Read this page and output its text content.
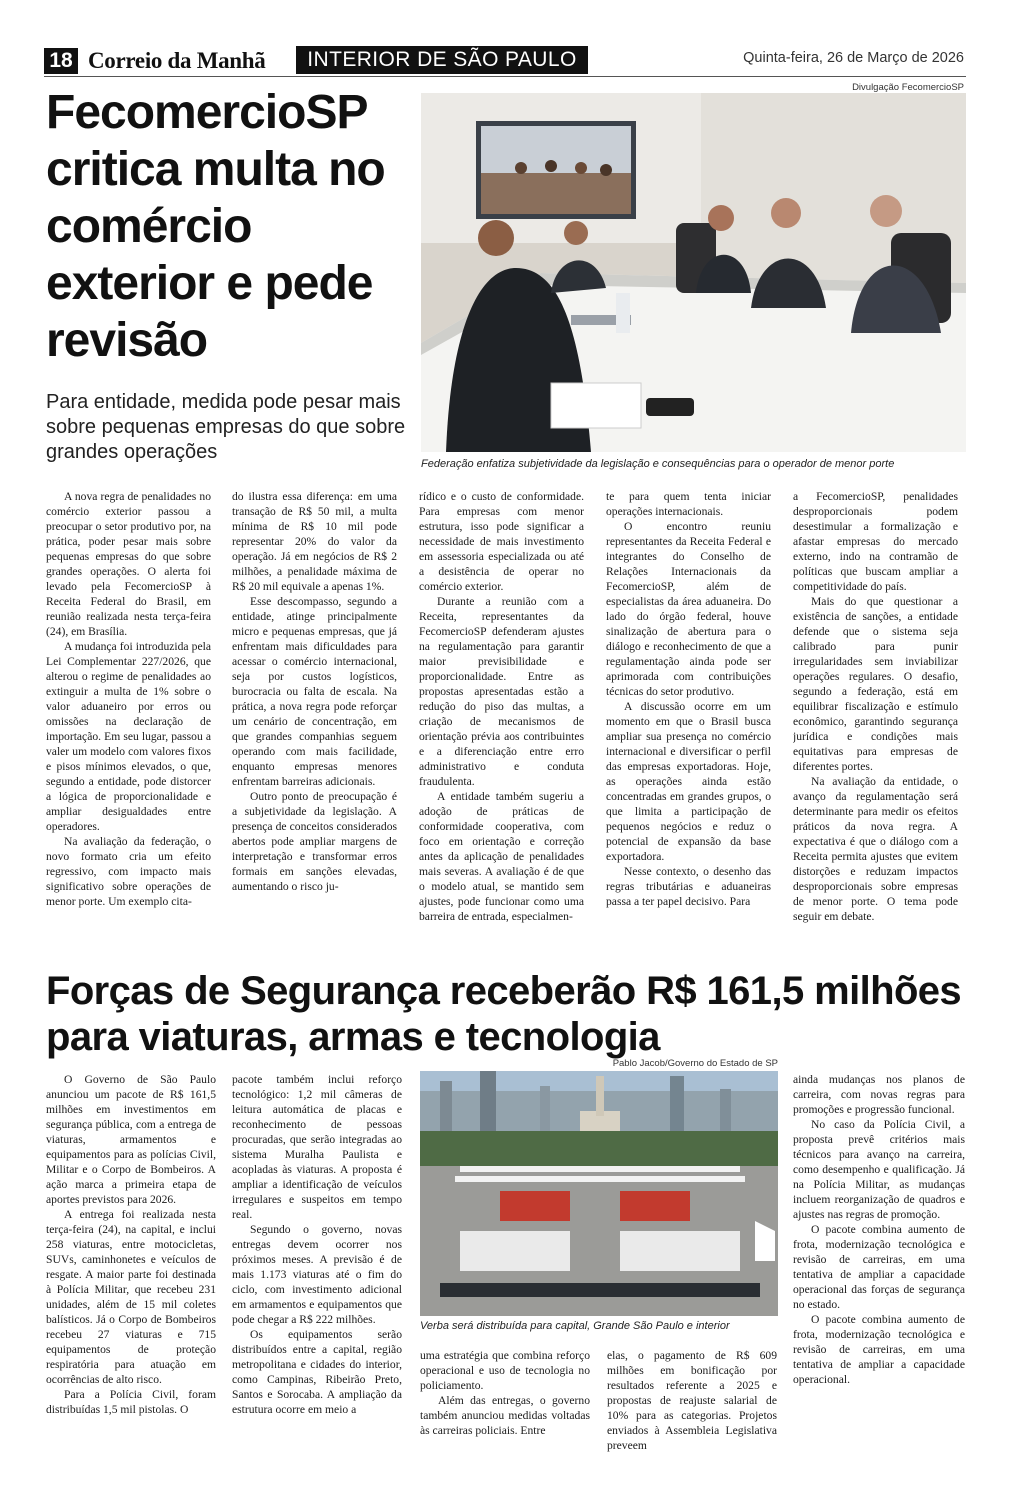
18 Correio da Manhã	INTERIOR DE SÃO PAULO	Quinta-feira, 26 de Março de 2026
FecomercioSP critica multa no comércio exterior e pede revisão
Para entidade, medida pode pesar mais sobre pequenas empresas do que sobre grandes operações
Divulgação FecomercioSP
Federação enfatiza subjetividade da legislação e consequências para o operador de menor porte

A nova regra de penalidades no comércio exterior passou a preocupar o setor produtivo por, na prática, poder pesar mais sobre pequenas empresas do que sobre grandes operações. O alerta foi levado pela FecomercioSP à Receita Federal do Brasil, em reunião realizada nesta terça-feira (24), em Brasília.

A mudança foi introduzida pela Lei Complementar 227/2026, que alterou o regime de penalidades ao extinguir a multa de 1% sobre o valor aduaneiro por erros ou omissões na declaração de importação. Em seu lugar, passou a valer um modelo com valores fixos e pisos mínimos elevados, o que, segundo a entidade, pode distorcer a lógica de proporcionalidade e ampliar desigualdades entre operadores.

Na avaliação da federação, o novo formato cria um efeito regressivo, com impacto mais significativo sobre operações de menor porte. Um exemplo cita-

do ilustra essa diferença: em uma transação de R$ 50 mil, a multa mínima de R$ 10 mil pode representar 20% do valor da operação. Já em negócios de R$ 2 milhões, a penalidade máxima de R$ 20 mil equivale a apenas 1%.

Esse descompasso, segundo a entidade, atinge principalmente micro e pequenas empresas, que já enfrentam mais dificuldades para acessar o comércio internacional, seja por custos logísticos, burocracia ou falta de escala. Na prática, a nova regra pode reforçar um cenário de concentração, em que grandes companhias seguem operando com mais facilidade, enquanto empresas menores enfrentam barreiras adicionais.

Outro ponto de preocupação é a subjetividade da legislação. A presença de conceitos considerados abertos pode ampliar margens de interpretação e transformar erros formais em sanções elevadas, aumentando o risco ju-

rídico e o custo de conformidade. Para empresas com menor estrutura, isso pode significar a necessidade de mais investimento em assessoria especializada ou até a desistência de operar no comércio exterior.

Durante a reunião com a Receita, representantes da FecomercioSP defenderam ajustes na regulamentação para garantir maior previsibilidade e proporcionalidade. Entre as propostas apresentadas estão a redução do piso das multas, a criação de mecanismos de orientação prévia aos contribuintes e a diferenciação entre erro administrativo e conduta fraudulenta.

A entidade também sugeriu a adoção de práticas de conformidade cooperativa, com foco em orientação e correção antes da aplicação de penalidades mais severas. A avaliação é de que o modelo atual, se mantido sem ajustes, pode funcionar como uma barreira de entrada, especialmen-

te para quem tenta iniciar operações internacionais.

O encontro reuniu representantes da Receita Federal e integrantes do Conselho de Relações Internacionais da FecomercioSP, além de especialistas da área aduaneira. Do lado do órgão federal, houve sinalização de abertura para o diálogo e reconhecimento de que a regulamentação ainda pode ser aprimorada com contribuições técnicas do setor produtivo.

A discussão ocorre em um momento em que o Brasil busca ampliar sua presença no comércio internacional e diversificar o perfil das empresas exportadoras. Hoje, as operações ainda estão concentradas em grandes grupos, o que limita a participação de pequenos negócios e reduz o potencial de expansão da base exportadora.

Nesse contexto, o desenho das regras tributárias e aduaneiras passa a ter papel decisivo. Para

a FecomercioSP, penalidades desproporcionais podem desestimular a formalização e afastar empresas do mercado externo, indo na contramão de políticas que buscam ampliar a competitividade do país.

Mais do que questionar a existência de sanções, a entidade defende que o sistema seja calibrado para punir irregularidades sem inviabilizar operações regulares. O desafio, segundo a federação, está em equilibrar fiscalização e estímulo econômico, garantindo segurança jurídica e condições mais equitativas para empresas de diferentes portes.

Na avaliação da entidade, o avanço da regulamentação será determinante para medir os efeitos práticos da nova regra. A expectativa é que o diálogo com a Receita permita ajustes que evitem distorções e reduzam impactos desproporcionais sobre empresas de menor porte. O tema pode seguir em debate.

Forças de Segurança receberão R$ 161,5 milhões para viaturas, armas e tecnologia
Pablo Jacob/Governo do Estado de SP
Verba será distribuída para capital, Grande São Paulo e interior

O Governo de São Paulo anunciou um pacote de R$ 161,5 milhões em investimentos em segurança pública, com a entrega de viaturas, armamentos e equipamentos para as polícias Civil, Militar e o Corpo de Bombeiros. A ação marca a primeira etapa de aportes previstos para 2026.

A entrega foi realizada nesta terça-feira (24), na capital, e inclui 258 viaturas, entre motocicletas, SUVs, caminhonetes e veículos de resgate. A maior parte foi destinada à Polícia Militar, que recebeu 231 unidades, além de 15 mil coletes balísticos. Já o Corpo de Bombeiros recebeu 27 viaturas e 715 equipamentos de proteção respiratória para atuação em ocorrências de alto risco.

Para a Polícia Civil, foram distribuídas 1,5 mil pistolas. O

pacote também inclui reforço tecnológico: 1,2 mil câmeras de leitura automática de placas e reconhecimento de pessoas procuradas, que serão integradas ao sistema Muralha Paulista e acopladas às viaturas. A proposta é ampliar a identificação de veículos irregulares e suspeitos em tempo real.

Segundo o governo, novas entregas devem ocorrer nos próximos meses. A previsão é de mais 1.173 viaturas até o fim do ciclo, com investimento adicional em armamentos e equipamentos que pode chegar a R$ 222 milhões.

Os equipamentos serão distribuídos entre a capital, região metropolitana e cidades do interior, como Campinas, Ribeirão Preto, Santos e Sorocaba. A ampliação da estrutura ocorre em meio a

uma estratégia que combina reforço operacional e uso de tecnologia no policiamento.

Além das entregas, o governo também anunciou medidas voltadas às carreiras policiais. Entre

elas, o pagamento de R$ 609 milhões em bonificação por resultados referente a 2025 e propostas de reajuste salarial de 10% para as categorias. Projetos enviados à Assembleia Legislativa preveem

ainda mudanças nos planos de carreira, com novas regras para promoções e progressão funcional.

No caso da Polícia Civil, a proposta prevê critérios mais técnicos para avanço na carreira, como desempenho e qualificação. Já na Polícia Militar, as mudanças incluem reorganização de quadros e ajustes nas regras de promoção.

O pacote combina aumento de frota, modernização tecnológica e revisão de carreiras, em uma tentativa de ampliar a capacidade operacional das forças de segurança no estado.

O pacote combina aumento de frota, modernização tecnológica e revisão de carreiras, em uma tentativa de ampliar a capacidade operacional.
